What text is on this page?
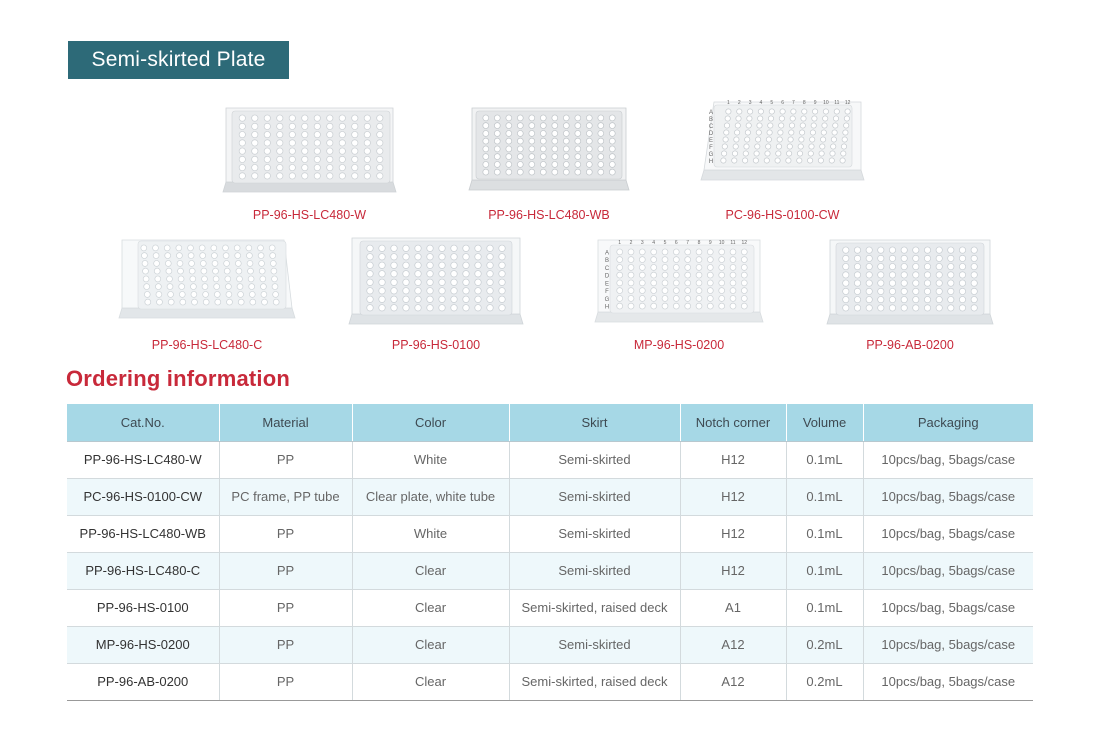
Semi-skirted Plate
PP-96-HS-LC480-W	PP-96-HS-LC480-WB
A
B
C
D
E
F
G
H
1 2 3 4 5 6 7 8 9 10 11 12
PC-96-HS-0100-CW
PP-96-HS-LC480-C	PP-96-HS-0100
A
B
C
D
E
F
G
H
1 2 3 4 5 6 7 8 9 10 11 12
MP-96-HS-0200	PP-96-AB-0200
Ordering information
Cat.No.	Material	Color	Skirt	Notch corner	Volume	Packaging
PP-96-HS-LC480-W	PP	White	Semi-skirted	H12	0.1mL	10pcs/bag, 5bags/case
PC-96-HS-0100-CW	PC frame, PP tube	Clear plate, white tube	Semi-skirted	H12	0.1mL	10pcs/bag, 5bags/case
PP-96-HS-LC480-WB	PP	White	Semi-skirted	H12	0.1mL	10pcs/bag, 5bags/case
PP-96-HS-LC480-C	PP	Clear	Semi-skirted	H12	0.1mL	10pcs/bag, 5bags/case
PP-96-HS-0100	PP	Clear	Semi-skirted, raised deck	A1	0.1mL	10pcs/bag, 5bags/case
MP-96-HS-0200	PP	Clear	Semi-skirted	A12	0.2mL	10pcs/bag, 5bags/case
PP-96-AB-0200	PP	Clear	Semi-skirted, raised deck	A12	0.2mL	10pcs/bag, 5bags/case
